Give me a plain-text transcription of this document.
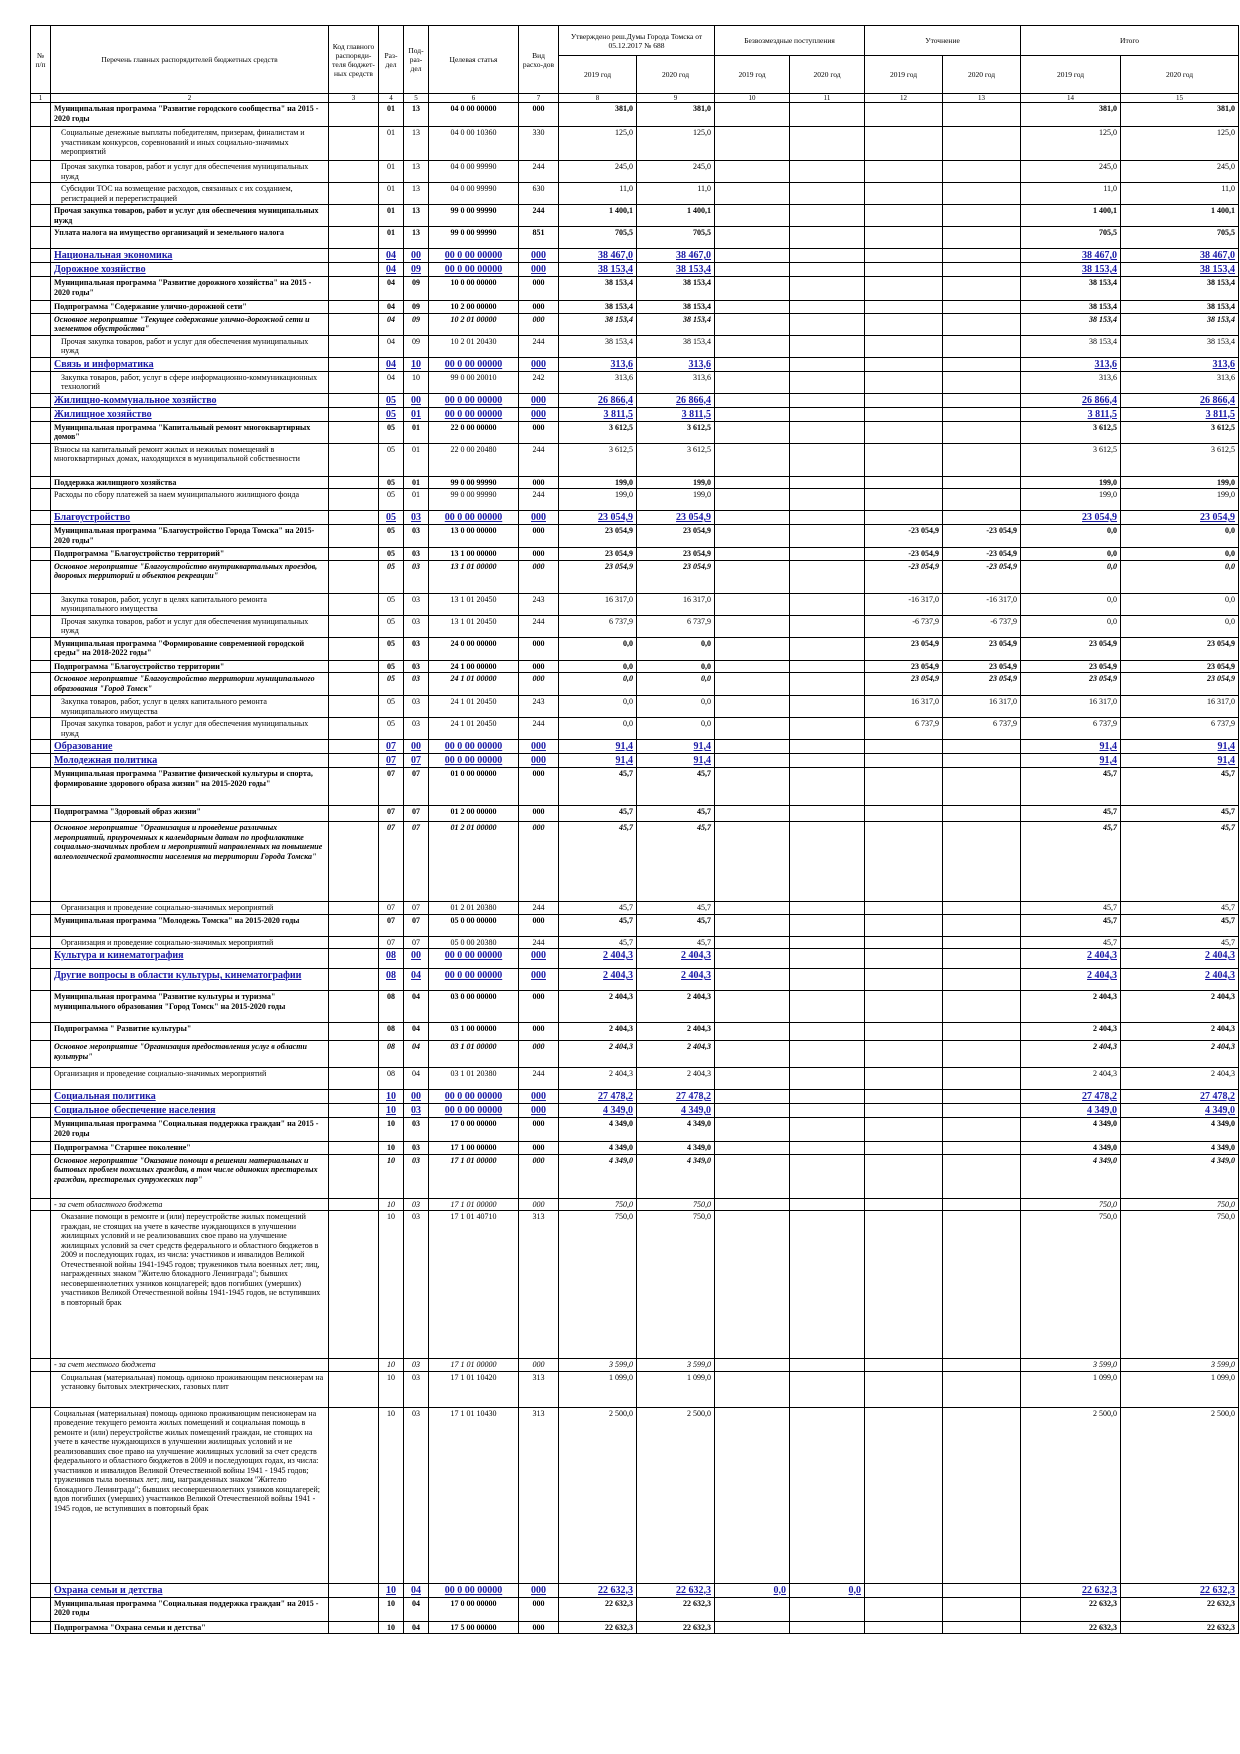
№ п/п	Перечень главных распорядителей бюджетных средств	Код главного распоряди-теля бюджет-ных средств	Раз-дел	Под-раз-дел	Целевая статья	Вид расхо-дов	Утверждено реш.Думы Города Томска от 05.12.2017 № 688		Безвозмездные поступления		Уточнение		Итого	
							2019 год	2020 год	2019 год	2020 год	2019 год	2020 год	2019 год	2020 год
1	2	3	4	5	6	7	8	9	10	11	12	13	14	15
	Муниципальная программа "Развитие городского сообщества" на 2015 - 2020 годы		01	13	04 0 00 00000	000	381,0	381,0					381,0	381,0
	Социальные денежные выплаты победителям, призерам, финалистам и участникам конкурсов, соревнований и иных социально-значимых мероприятий		01	13	04 0 00 10360	330	125,0	125,0					125,0	125,0
	Прочая закупка товаров, работ и услуг для обеспечения муниципальных нужд		01	13	04 0 00 99990	244	245,0	245,0					245,0	245,0
	Субсидии ТОС на возмещение расходов, связанных с их созданием, регистрацией и перерегистрацией		01	13	04 0 00 99990	630	11,0	11,0					11,0	11,0
	Прочая закупка товаров, работ и услуг для обеспечения муниципальных нужд		01	13	99 0 00 99990	244	1 400,1	1 400,1					1 400,1	1 400,1
	Уплата налога на имущество организаций и земельного налога		01	13	99 0 00 99990	851	705,5	705,5					705,5	705,5
	Национальная экономика		04	00	00 0 00 00000	000	38 467,0	38 467,0					38 467,0	38 467,0
	Дорожное хозяйство		04	09	00 0 00 00000	000	38 153,4	38 153,4					38 153,4	38 153,4
	Муниципальная программа "Развитие дорожного хозяйства" на 2015 - 2020 годы"		04	09	10 0 00 00000	000	38 153,4	38 153,4					38 153,4	38 153,4
	Подпрограмма "Содержание улично-дорожной сети"		04	09	10 2 00 00000	000	38 153,4	38 153,4					38 153,4	38 153,4
	Основное мероприятие "Текущее содержание улично-дорожной сети и элементов обустройства"		04	09	10 2 01 00000	000	38 153,4	38 153,4					38 153,4	38 153,4
	Прочая закупка товаров, работ и услуг для обеспечения муниципальных нужд		04	09	10 2 01 20430	244	38 153,4	38 153,4					38 153,4	38 153,4
	Связь и информатика		04	10	00 0 00 00000	000	313,6	313,6					313,6	313,6
	Закупка товаров, работ, услуг в сфере информационно-коммуникационных технологий		04	10	99 0 00 20010	242	313,6	313,6					313,6	313,6
	Жилищно-коммунальное хозяйство		05	00	00 0 00 00000	000	26 866,4	26 866,4					26 866,4	26 866,4
	Жилищное хозяйство		05	01	00 0 00 00000	000	3 811,5	3 811,5					3 811,5	3 811,5
	Муниципальная программа "Капитальный ремонт многоквартирных домов"		05	01	22 0 00 00000	000	3 612,5	3 612,5					3 612,5	3 612,5
	Взносы на капитальный ремонт жилых и нежилых помещений в многоквартирных домах, находящихся в муниципальной собственности		05	01	22 0 00 20480	244	3 612,5	3 612,5					3 612,5	3 612,5
	Поддержка жилищного хозяйства		05	01	99 0 00 99990	000	199,0	199,0					199,0	199,0
	Расходы по сбору платежей за наем муниципального жилищного фонда		05	01	99 0 00 99990	244	199,0	199,0					199,0	199,0
	Благоустройство		05	03	00 0 00 00000	000	23 054,9	23 054,9					23 054,9	23 054,9
	Муниципальная программа "Благоустройство Города Томска" на 2015-2020 годы"		05	03	13 0 00 00000	000	23 054,9	23 054,9			-23 054,9	-23 054,9	0,0	0,0
	Подпрограмма "Благоустройство территорий"		05	03	13 1 00 00000	000	23 054,9	23 054,9			-23 054,9	-23 054,9	0,0	0,0
	Основное мероприятие "Благоустройство внутриквартальных проездов, дворовых территорий и объектов рекреации"		05	03	13 1 01 00000	000	23 054,9	23 054,9			-23 054,9	-23 054,9	0,0	0,0
	Закупка товаров, работ, услуг в целях капитального ремонта муниципального имущества		05	03	13 1 01 20450	243	16 317,0	16 317,0			-16 317,0	-16 317,0	0,0	0,0
	Прочая закупка товаров, работ и услуг для обеспечения муниципальных нужд		05	03	13 1 01 20450	244	6 737,9	6 737,9			-6 737,9	-6 737,9	0,0	0,0
	Муниципальная программа "Формирование современной городской среды" на 2018-2022 годы"		05	03	24 0 00 00000	000	0,0	0,0			23 054,9	23 054,9	23 054,9	23 054,9
	Подпрограмма "Благоустройство территории"		05	03	24 1 00 00000	000	0,0	0,0			23 054,9	23 054,9	23 054,9	23 054,9
	Основное мероприятие "Благоустройство территории муниципального образования "Город Томск"		05	03	24 1 01 00000	000	0,0	0,0			23 054,9	23 054,9	23 054,9	23 054,9
	Закупка товаров, работ, услуг в целях капитального ремонта муниципального имущества		05	03	24 1 01 20450	243	0,0	0,0			16 317,0	16 317,0	16 317,0	16 317,0
	Прочая закупка товаров, работ и услуг для обеспечения муниципальных нужд		05	03	24 1 01 20450	244	0,0	0,0			6 737,9	6 737,9	6 737,9	6 737,9
	Образование		07	00	00 0 00 00000	000	91,4	91,4					91,4	91,4
	Молодежная политика		07	07	00 0 00 00000	000	91,4	91,4					91,4	91,4
	Муниципальная программа "Развитие физической культуры и спорта, формирование здорового образа жизни" на 2015-2020 годы"		07	07	01 0 00 00000	000	45,7	45,7					45,7	45,7
	Подпрограмма "Здоровый образ жизни"		07	07	01 2 00 00000	000	45,7	45,7					45,7	45,7
	Основное мероприятие "Организация и проведение различных мероприятий, приуроченных к календарным датам по профилактике социально-значимых проблем и мероприятий направленных на повышение валеологической грамотности населения на территории Города Томска"		07	07	01 2 01 00000	000	45,7	45,7					45,7	45,7
	Организация и проведение социально-значимых мероприятий		07	07	01 2 01 20380	244	45,7	45,7					45,7	45,7
	Муниципальная программа "Молодежь Томска" на 2015-2020 годы		07	07	05 0 00 00000	000	45,7	45,7					45,7	45,7
	Организация и проведение социально-значимых мероприятий		07	07	05 0 00 20380	244	45,7	45,7					45,7	45,7
	Культура и кинематография		08	00	00 0 00 00000	000	2 404,3	2 404,3					2 404,3	2 404,3
	Другие вопросы в области культуры, кинематографии		08	04	00 0 00 00000	000	2 404,3	2 404,3					2 404,3	2 404,3
	Муниципальная программа "Развитие культуры и туризма" муниципального образования "Город Томск" на 2015-2020 годы		08	04	03 0 00 00000	000	2 404,3	2 404,3					2 404,3	2 404,3
	Подпрограмма " Развитие культуры"		08	04	03 1 00 00000	000	2 404,3	2 404,3					2 404,3	2 404,3
	Основное мероприятие "Организация предоставления услуг в области культуры"		08	04	03 1 01 00000	000	2 404,3	2 404,3					2 404,3	2 404,3
	Организация и проведение социально-значимых мероприятий		08	04	03 1 01 20380	244	2 404,3	2 404,3					2 404,3	2 404,3
	Социальная политика		10	00	00 0 00 00000	000	27 478,2	27 478,2					27 478,2	27 478,2
	Социальное обеспечение населения		10	03	00 0 00 00000	000	4 349,0	4 349,0					4 349,0	4 349,0
	Муниципальная программа "Социальная поддержка граждан" на 2015 - 2020 годы		10	03	17 0 00 00000	000	4 349,0	4 349,0					4 349,0	4 349,0
	Подпрограмма "Старшее поколение"		10	03	17 1 00 00000	000	4 349,0	4 349,0					4 349,0	4 349,0
	Основное мероприятие "Оказание помощи в решении материальных и бытовых проблем пожилых граждан, в том числе одиноких престарелых граждан, престарелых супружеских пар"		10	03	17 1 01 00000	000	4 349,0	4 349,0					4 349,0	4 349,0
	- за счет областного бюджета		10	03	17 1 01 00000	000	750,0	750,0					750,0	750,0
	Оказание помощи в ремонте и (или) переустройстве жилых помещений граждан, не стоящих на учете в качестве нуждающихся в улучшении жилищных условий и не реализовавших свое право на улучшение жилищных условий за счет средств федерального и областного бюджетов в 2009 и последующих годах, из числа: участников и инвалидов Великой Отечественной войны 1941-1945 годов; тружеников тыла военных лет; лиц, награжденных знаком "Жителю блокадного Ленинграда"; бывших несовершеннолетних узников концлагерей; вдов погибших (умерших) участников Великой Отечественной войны 1941-1945 годов, не вступивших в повторный брак		10	03	17 1 01 40710	313	750,0	750,0					750,0	750,0
	- за счет местного бюджета		10	03	17 1 01 00000	000	3 599,0	3 599,0					3 599,0	3 599,0
	Социальная (материальная) помощь одиноко проживающим пенсионерам на установку бытовых электрических, газовых плит		10	03	17 1 01 10420	313	1 099,0	1 099,0					1 099,0	1 099,0
	Социальная (материальная) помощь одиноко проживающим пенсионерам на проведение текущего ремонта жилых помещений и социальная помощь в ремонте и (или) переустройстве жилых помещений граждан, не стоящих на учете в качестве нуждающихся в улучшении жилищных условий и не реализовавших свое право на улучшение жилищных условий за счет средств федерального и областного бюджетов в 2009 и последующих годах, из числа: участников и инвалидов Великой Отечественной войны 1941 - 1945 годов; тружеников тыла военных лет; лиц, награжденных знаком "Жителю блокадного Ленинграда"; бывших несовершеннолетних узников концлагерей; вдов погибших (умерших) участников Великой Отечественной войны 1941 - 1945 годов, не вступивших в повторный брак		10	03	17 1 01 10430	313	2 500,0	2 500,0					2 500,0	2 500,0
	Охрана семьи и детства		10	04	00 0 00 00000	000	22 632,3	22 632,3	0,0	0,0			22 632,3	22 632,3
	Муниципальная программа "Социальная поддержка граждан" на 2015 - 2020 годы		10	04	17 0 00 00000	000	22 632,3	22 632,3					22 632,3	22 632,3
	Подпрограмма "Охрана семьи и детства"		10	04	17 5 00 00000	000	22 632,3	22 632,3					22 632,3	22 632,3
